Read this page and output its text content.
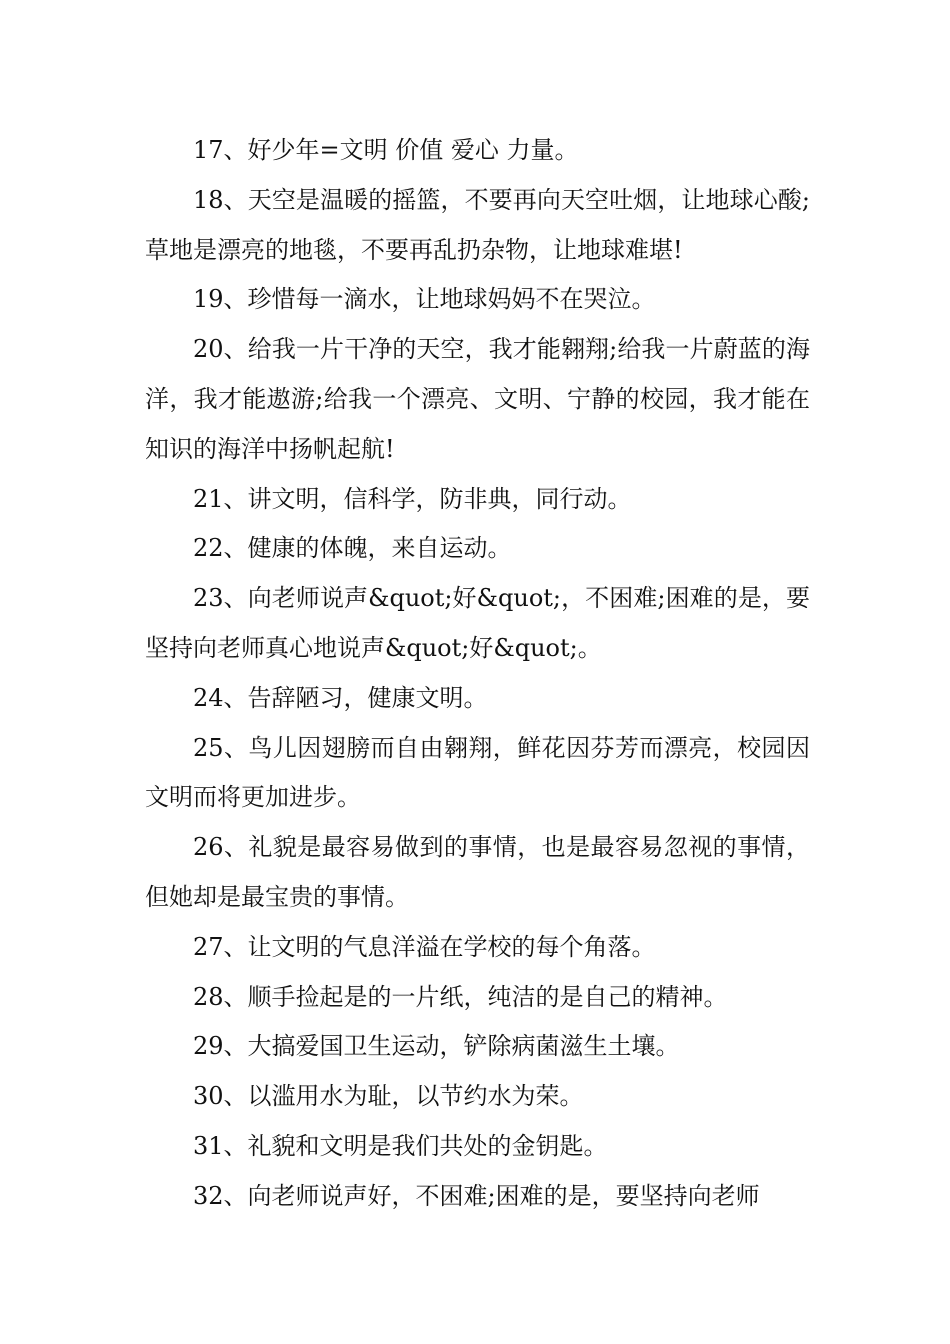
17、好少年=文明 价值 爱心 力量。

18、天空是温暖的摇篮，不要再向天空吐烟，让地球心酸;草地是漂亮的地毯，不要再乱扔杂物，让地球难堪!

19、珍惜每一滴水，让地球妈妈不在哭泣。

20、给我一片干净的天空，我才能翱翔;给我一片蔚蓝的海洋，我才能遨游;给我一个漂亮、文明、宁静的校园，我才能在知识的海洋中扬帆起航!

21、讲文明，信科学，防非典，同行动。

22、健康的体魄，来自运动。

23、向老师说声&quot;好&quot;，不困难;困难的是，要坚持向老师真心地说声&quot;好&quot;。

24、告辞陋习，健康文明。

25、鸟儿因翅膀而自由翱翔，鲜花因芬芳而漂亮，校园因文明而将更加进步。

26、礼貌是最容易做到的事情，也是最容易忽视的事情，但她却是最宝贵的事情。

27、让文明的气息洋溢在学校的每个角落。

28、顺手捡起是的一片纸，纯洁的是自己的精神。

29、大搞爱国卫生运动，铲除病菌滋生土壤。

30、以滥用水为耻，以节约水为荣。

31、礼貌和文明是我们共处的金钥匙。

32、向老师说声好，不困难;困难的是，要坚持向老师
